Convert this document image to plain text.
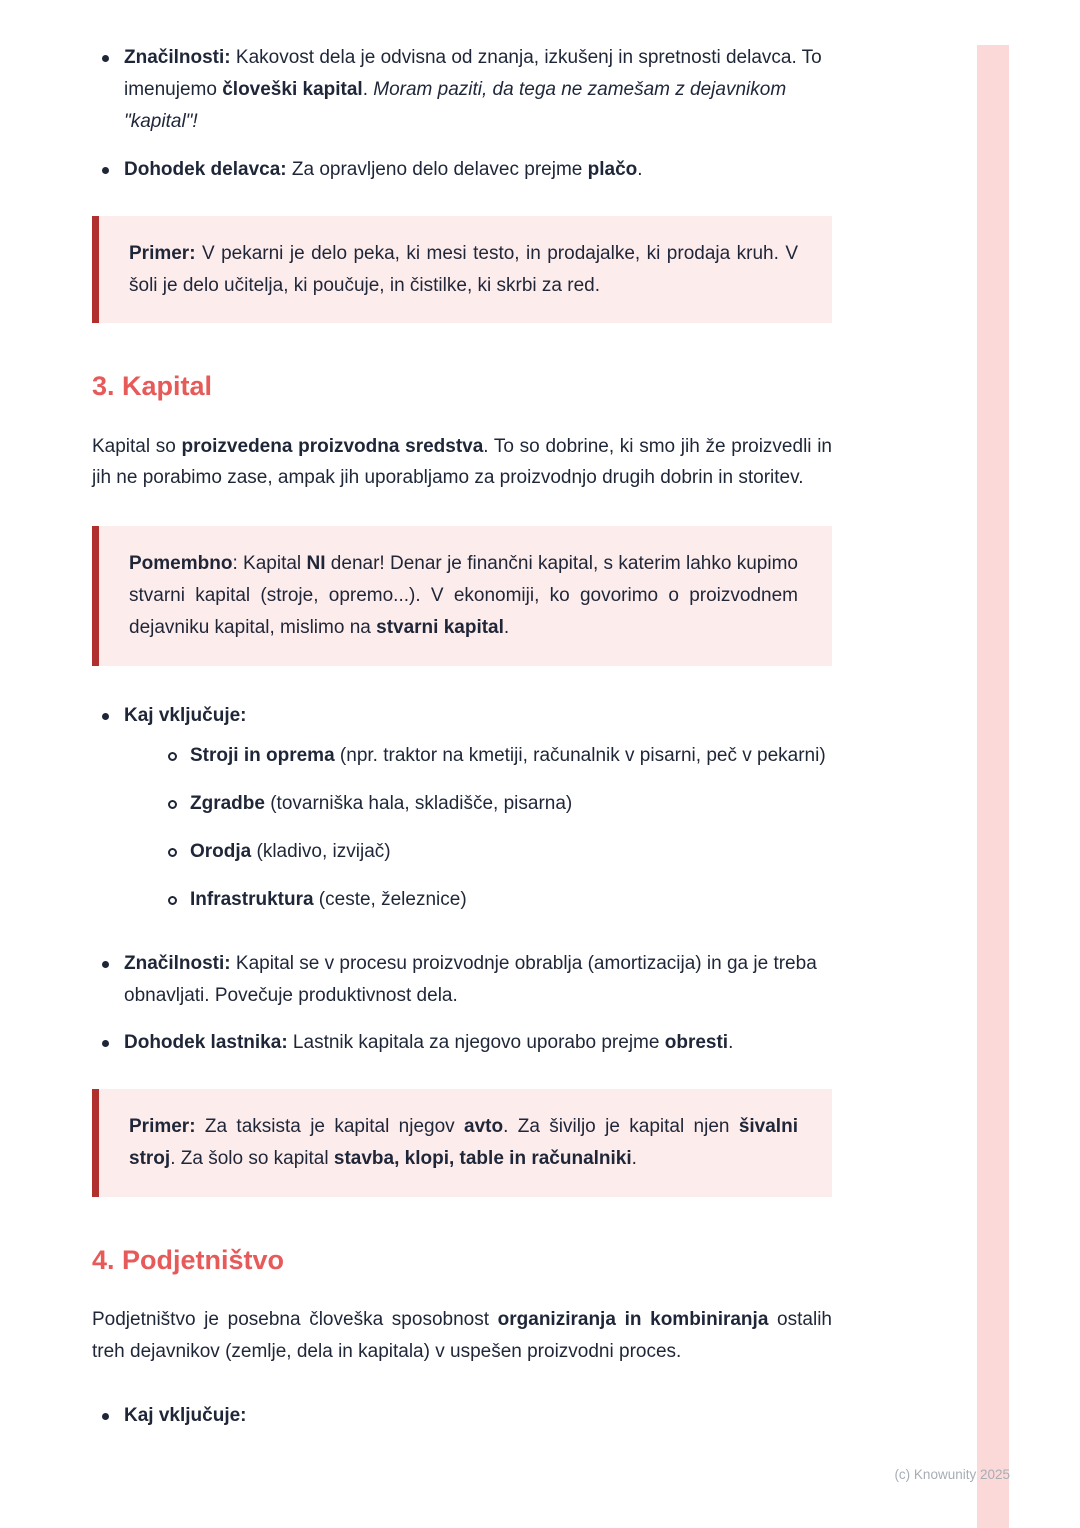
Značilnosti: Kakovost dela je odvisna od znanja, izkušenj in spretnosti delavca. To imenujemo človeški kapital. Moram paziti, da tega ne zamešam z dejavnikom "kapital"!
Dohodek delavca: Za opravljeno delo delavec prejme plačo.
Primer: V pekarni je delo peka, ki mesi testo, in prodajalke, ki prodaja kruh. V šoli je delo učitelja, ki poučuje, in čistilke, ki skrbi za red.
3. Kapital

Kapital so proizvedena proizvodna sredstva. To so dobrine, ki smo jih že proizvedli in jih ne porabimo zase, ampak jih uporabljamo za proizvodnjo drugih dobrin in storitev.

Pomembno: Kapital NI denar! Denar je finančni kapital, s katerim lahko kupimo stvarni kapital (stroje, opremo...). V ekonomiji, ko govorimo o proizvodnem dejavniku kapital, mislimo na stvarni kapital.
Kaj vključuje:
Stroji in oprema (npr. traktor na kmetiji, računalnik v pisarni, peč v pekarni)
Zgradbe (tovarniška hala, skladišče, pisarna)
Orodja (kladivo, izvijač)
Infrastruktura (ceste, železnice)
Značilnosti: Kapital se v procesu proizvodnje obrablja (amortizacija) in ga je treba obnavljati. Povečuje produktivnost dela.
Dohodek lastnika: Lastnik kapitala za njegovo uporabo prejme obresti.
Primer: Za taksista je kapital njegov avto. Za šiviljo je kapital njen šivalni stroj. Za šolo so kapital stavba, klopi, table in računalniki.
4. Podjetništvo

Podjetništvo je posebna človeška sposobnost organiziranja in kombiniranja ostalih treh dejavnikov (zemlje, dela in kapitala) v uspešen proizvodni proces.

Kaj vključuje:
(c) Knowunity 2025
